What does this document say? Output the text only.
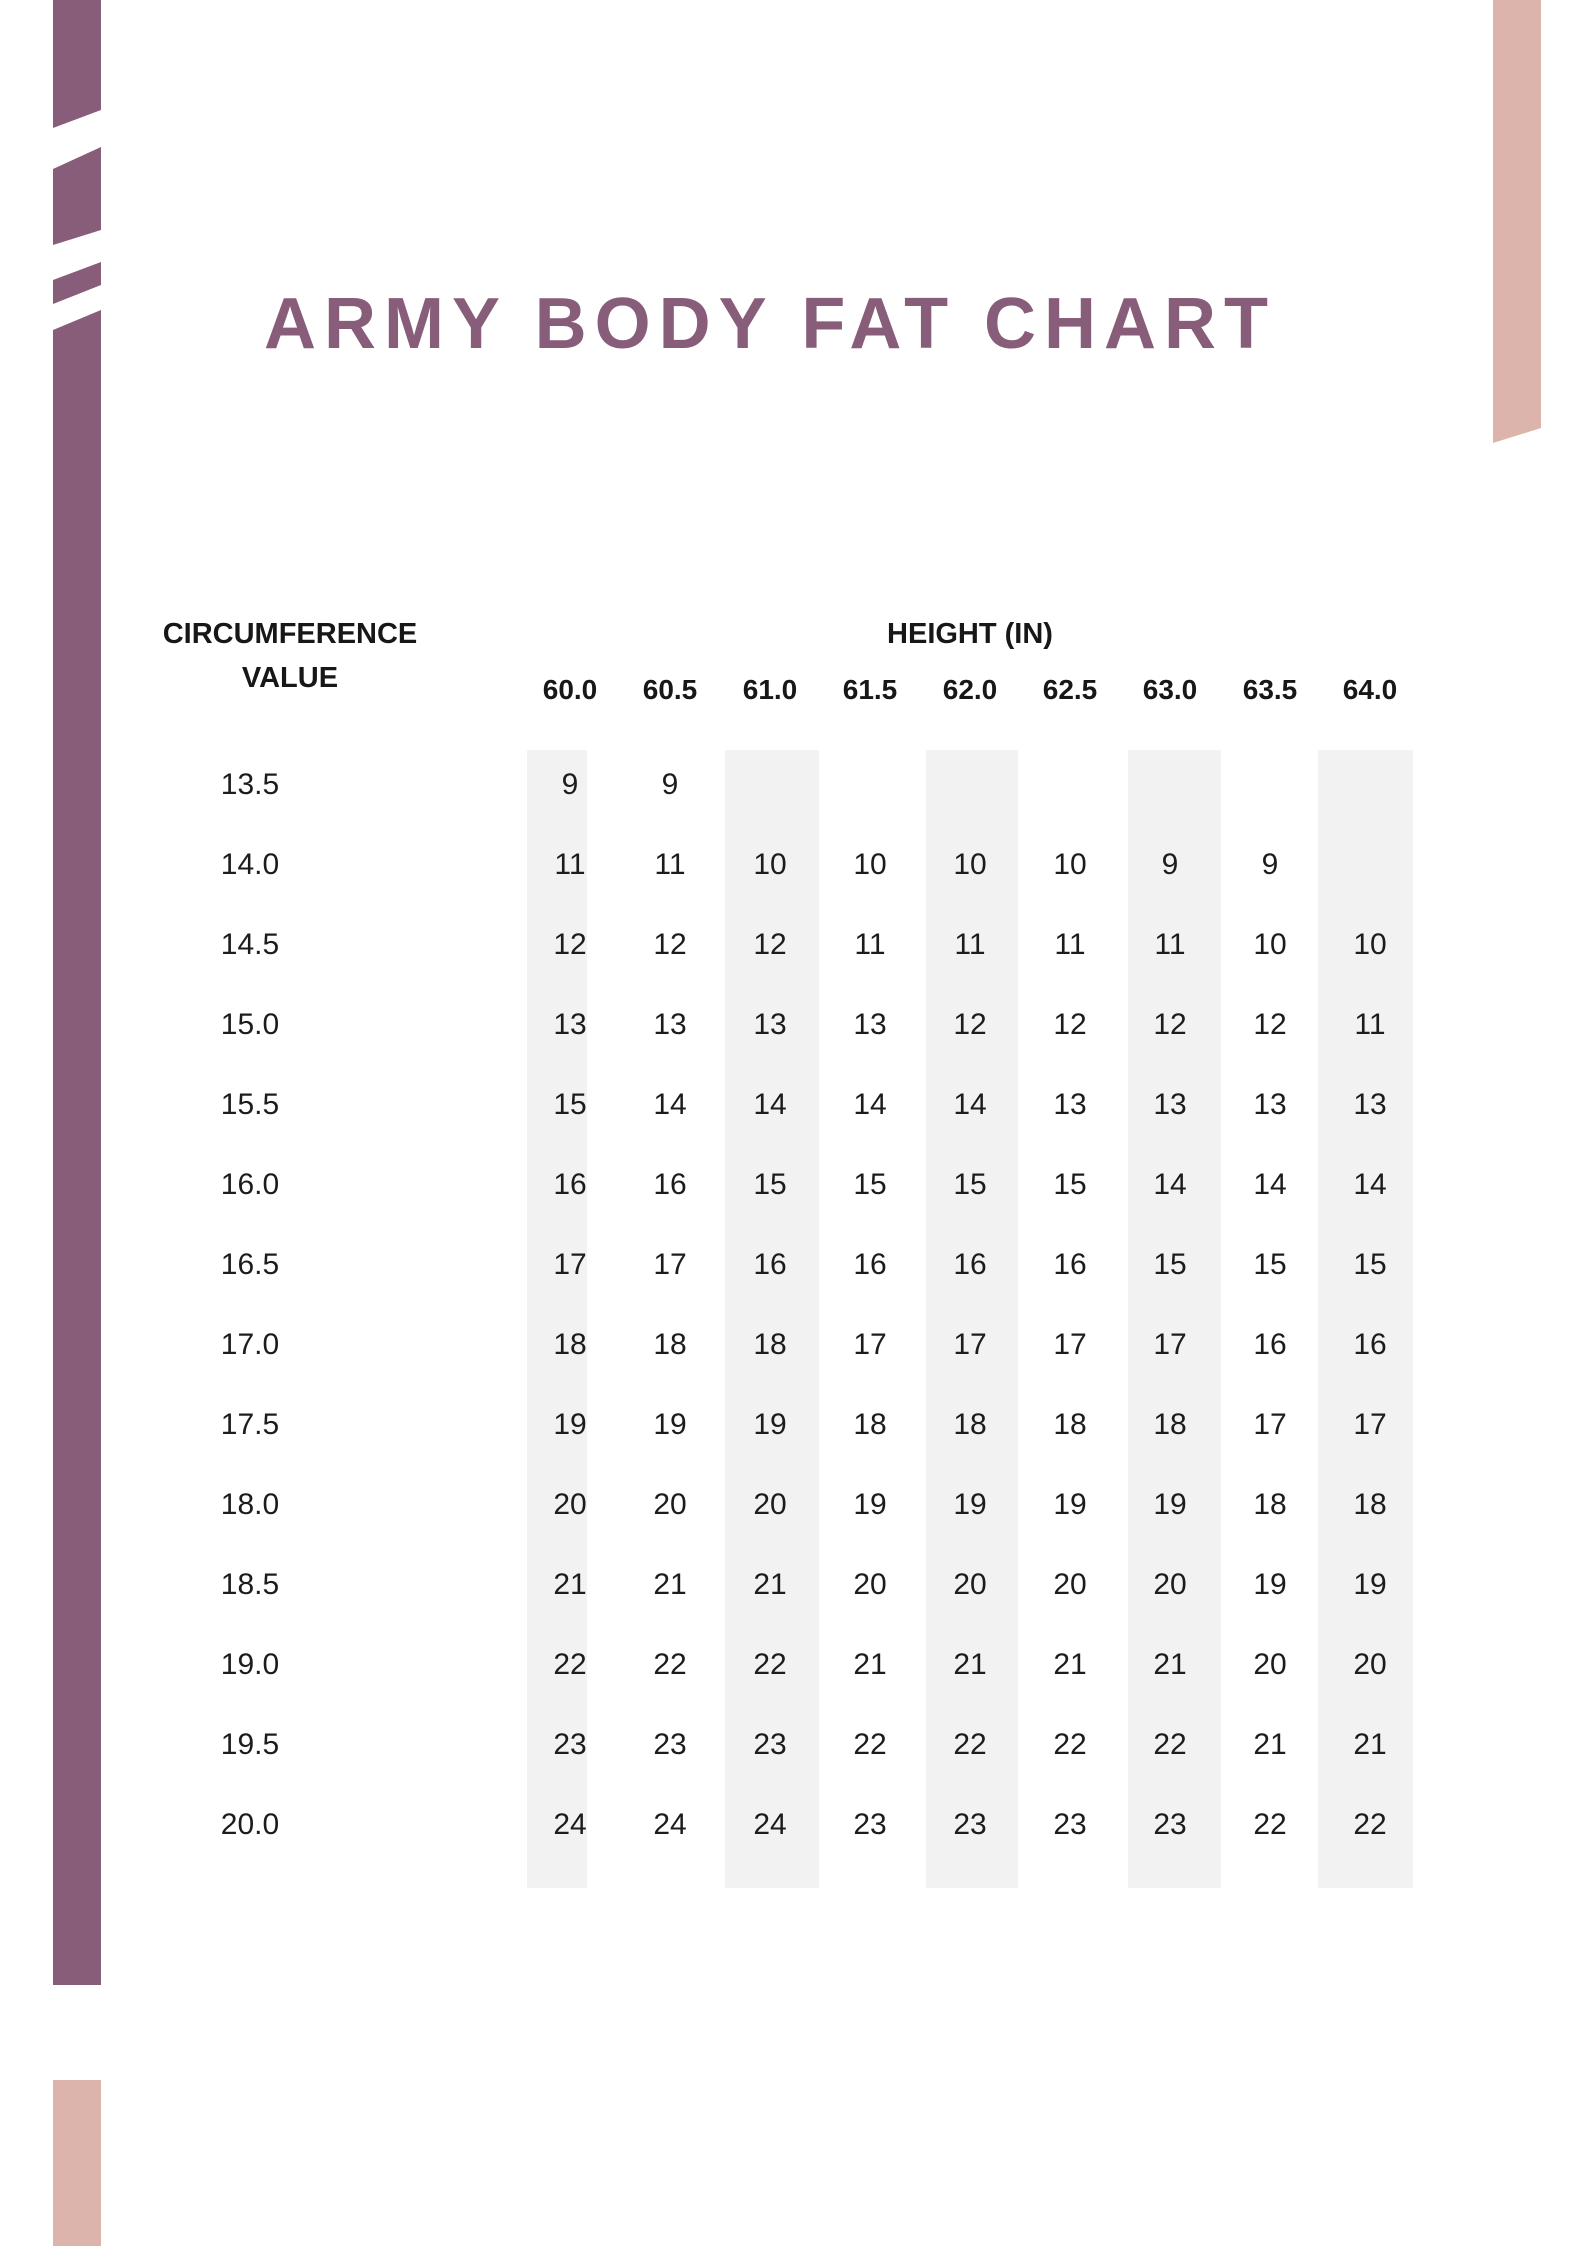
ARMY BODY FAT CHART
CIRCUMFERENCE
VALUE
HEIGHT (IN)
60.0	60.5	61.0	61.5	62.0	62.5	63.0	63.5	64.0
13.5	9	9
14.0	11	11	10	10	10	10	9	9
14.5	12	12	12	11	11	11	11	10	10
15.0	13	13	13	13	12	12	12	12	11
15.5	15	14	14	14	14	13	13	13	13
16.0	16	16	15	15	15	15	14	14	14
16.5	17	17	16	16	16	16	15	15	15
17.0	18	18	18	17	17	17	17	16	16
17.5	19	19	19	18	18	18	18	17	17
18.0	20	20	20	19	19	19	19	18	18
18.5	21	21	21	20	20	20	20	19	19
19.0	22	22	22	21	21	21	21	20	20
19.5	23	23	23	22	22	22	22	21	21
20.0	24	24	24	23	23	23	23	22	22
